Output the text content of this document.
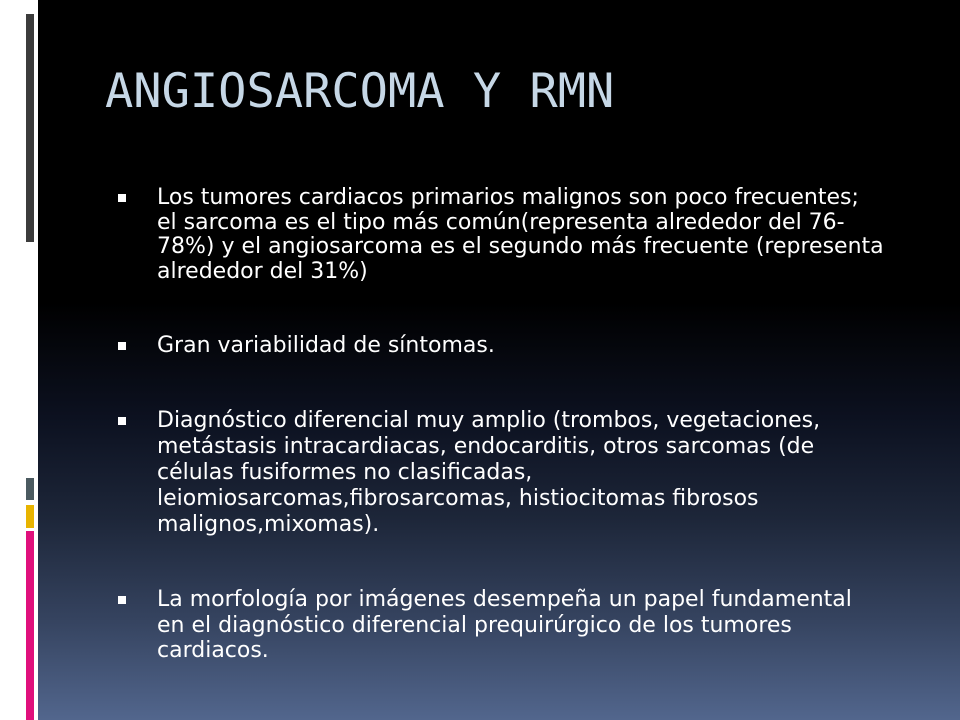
ANGIOSARCOMA Y RMN
Los tumores cardiacos primarios malignos son poco frecuentes;
el sarcoma es el tipo más común(representa alrededor del 76-
78%) y el angiosarcoma es el segundo más frecuente (representa
alrededor del 31%)
Gran variabilidad de síntomas.
Diagnóstico diferencial muy amplio (trombos, vegetaciones,
metástasis intracardiacas, endocarditis, otros sarcomas (de
células fusiformes no clasificadas,
leiomiosarcomas,fibrosarcomas, histiocitomas fibrosos
malignos,mixomas).
La morfología por imágenes desempeña un papel fundamental
en el diagnóstico diferencial prequirúrgico de los tumores
cardiacos.
